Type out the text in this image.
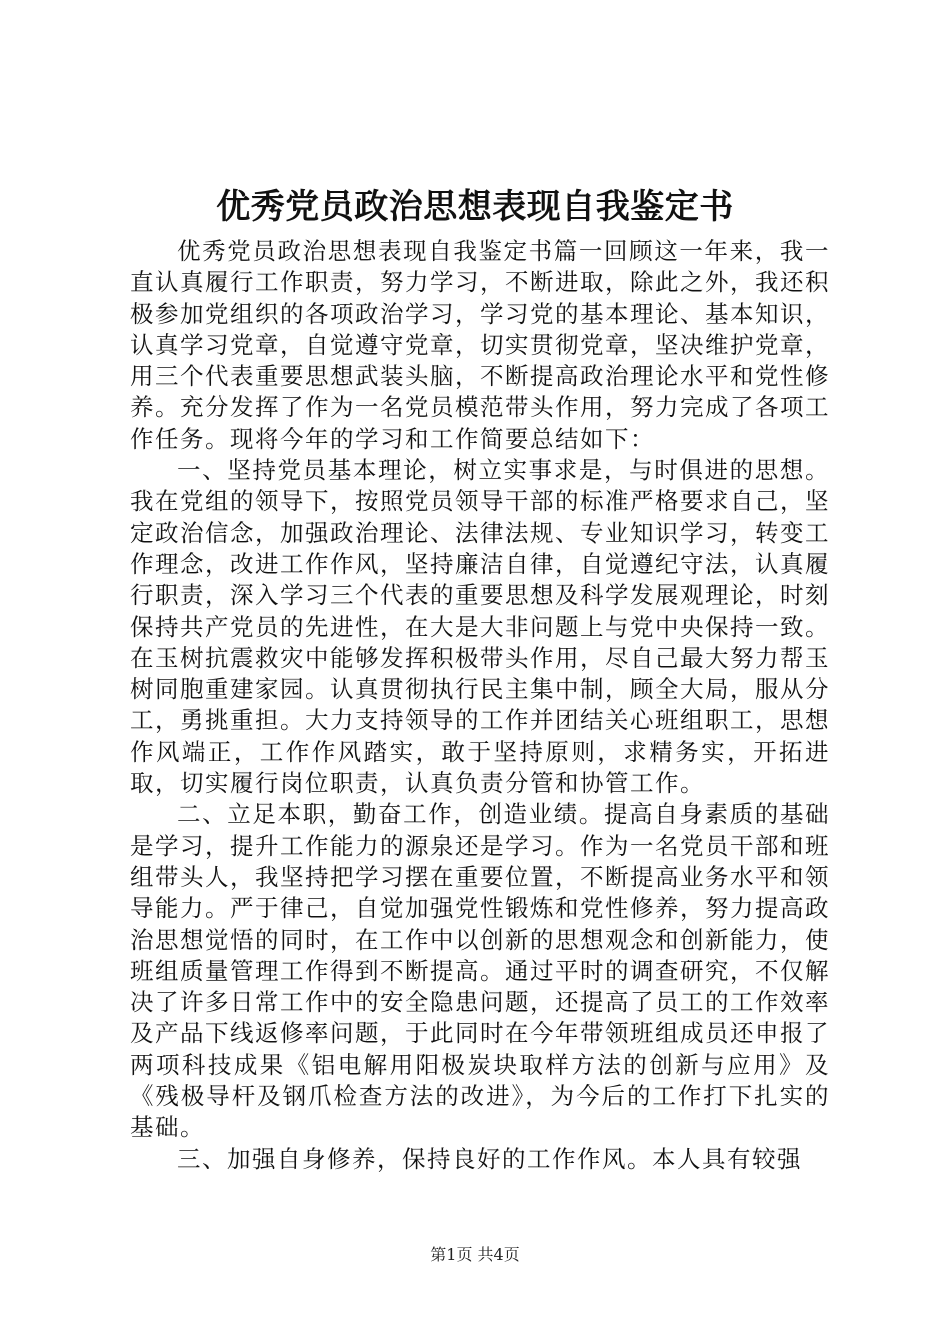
优秀党员政治思想表现自我鉴定书

优秀党员政治思想表现自我鉴定书篇一回顾这一年来，我一直认真履行工作职责，努力学习，不断进取，除此之外，我还积极参加党组织的各项政治学习，学习党的基本理论、基本知识，认真学习党章，自觉遵守党章，切实贯彻党章，坚决维护党章，用三个代表重要思想武装头脑，不断提高政治理论水平和党性修养。充分发挥了作为一名党员模范带头作用，努力完成了各项工作任务。现将今年的学习和工作简要总结如下：

一、坚持党员基本理论，树立实事求是，与时俱进的思想。我在党组的领导下，按照党员领导干部的标准严格要求自己，坚定政治信念，加强政治理论、法律法规、专业知识学习，转变工作理念，改进工作作风，坚持廉洁自律，自觉遵纪守法，认真履行职责，深入学习三个代表的重要思想及科学发展观理论，时刻保持共产党员的先进性，在大是大非问题上与党中央保持一致。在玉树抗震救灾中能够发挥积极带头作用，尽自己最大努力帮玉树同胞重建家园。认真贯彻执行民主集中制，顾全大局，服从分工，勇挑重担。大力支持领导的工作并团结关心班组职工，思想作风端正，工作作风踏实，敢于坚持原则，求精务实，开拓进取，切实履行岗位职责，认真负责分管和协管工作。

二、立足本职，勤奋工作，创造业绩。提高自身素质的基础是学习，提升工作能力的源泉还是学习。作为一名党员干部和班组带头人，我坚持把学习摆在重要位置，不断提高业务水平和领导能力。严于律己，自觉加强党性锻炼和党性修养，努力提高政治思想觉悟的同时，在工作中以创新的思想观念和创新能力，使班组质量管理工作得到不断提高。通过平时的调查研究，不仅解决了许多日常工作中的安全隐患问题，还提高了员工的工作效率及产品下线返修率问题，于此同时在今年带领班组成员还申报了两项科技成果《铝电解用阳极炭块取样方法的创新与应用》及《残极导杆及钢爪检查方法的改进》，为今后的工作打下扎实的基础。

三、加强自身修养，保持良好的工作作风。本人具有较强

第1页 共4页
